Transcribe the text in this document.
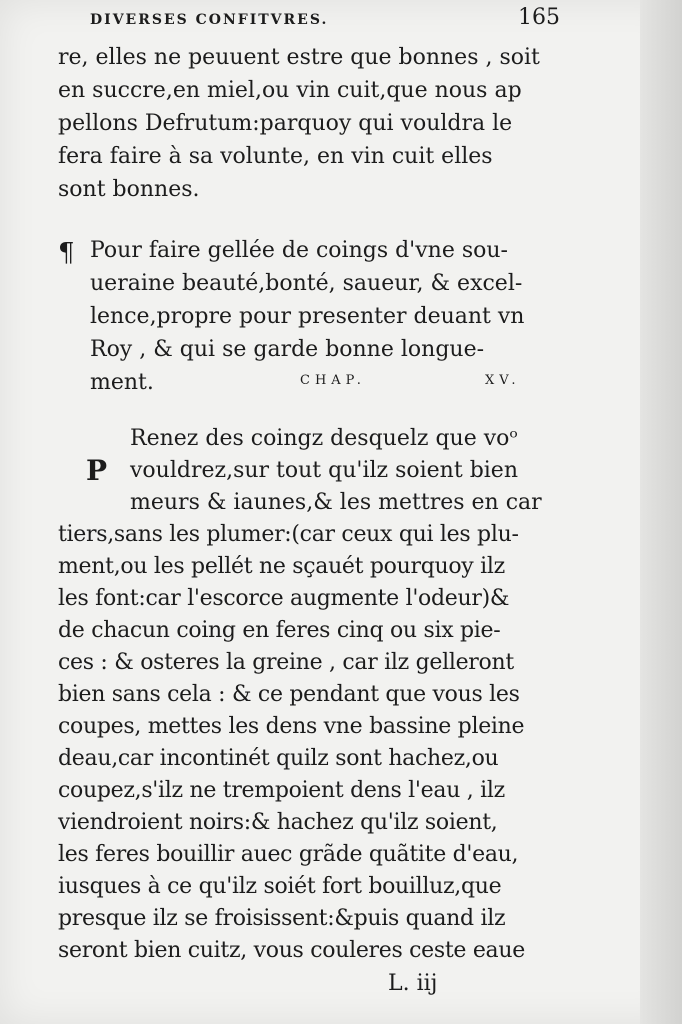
DIVERSES CONFITVRES.	165
re, elles ne peuuent estre que bonnes , soit
en succre,en miel,ou vin cuit,que nous ap
pellons Defrutum:parquoy qui vouldra le
fera faire à sa volunte, en vin cuit elles
sont bonnes.
¶ Pour faire gellée de coings d'vne sou-
ueraine beauté,bonté, saueur, & excel-
lence,propre pour presenter deuant vn
Roy , & qui se garde bonne longue-
ment.	CHAP.	XV.
P
Renez des coingz desquelz que voᵒ
vouldrez,sur tout qu'ilz soient bien
meurs & iaunes,& les mettres en car
tiers,sans les plumer:(car ceux qui les plu-
ment,ou les pellét ne sçauét pourquoy ilz
les font:car l'escorce augmente l'odeur)&
de chacun coing en feres cinq ou six pie-
ces : & osteres la greine , car ilz gelleront
bien sans cela : & ce pendant que vous les
coupes, mettes les dens vne bassine pleine
deau,car incontinét quilz sont hachez,ou
coupez,s'ilz ne trempoient dens l'eau , ilz
viendroient noirs:& hachez qu'ilz soient,
les feres bouillir auec grãde quãtite d'eau,
iusques à ce qu'ilz soiét fort bouilluz,que
presque ilz se froisissent:&puis quand ilz
seront bien cuitz, vous couleres ceste eaue
L. iij
